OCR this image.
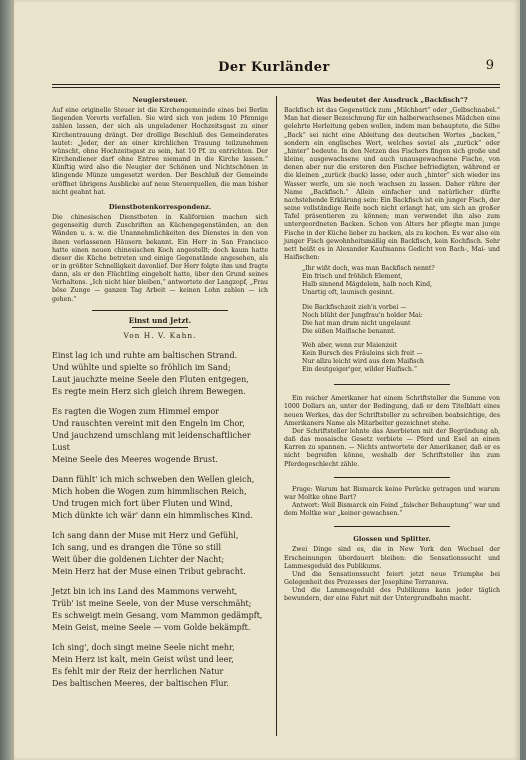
Der Kurländer	9

Neugiersteuer.

Auf eine originelle Steuer ist die Kirchengemeinde eines bei Berlin liegenden Vororts verfallen. Sie wird sich von jedem 10 Pfennige zahlen lassen, der sich als ungeladener Hochzeitsgast zu einer Kirchentrauung drängt. Der drollige Beschluß des Gemeinderates lautet: „Jeder, der an einer kirchlichen Trauung teilzunehmen wünscht, ohne Hochzeitsgast zu sein, hat 10 Pf. zu entrichten. Der Kirchendiener darf ohne Entree niemand in die Kirche lassen.“ Künftig wird also die Neugier der Schönen und Nichtschönen in klingende Münze umgesetzt werden. Der Beschluß der Gemeinde eröffnet übrigens Ausblicke auf neue Steuerquellen, die man bisher nicht geahnt hat.

Dienstbotenkorrespondenz.

Die chinesischen Dienstboten in Kalifornien machen sich gegenseitig durch Zuschriften an Küchengegenständen, an den Wänden u. s. w. die Unannehmlichkeiten des Dienstes in den von ihnen verlassenen Häusern bekannt. Ein Herr in San Francisco hatte einen neuen chinesischen Koch angestellt; doch kaum hatte dieser die Küche betreten und einige Gegenstände angesehen, als er in größter Schnelligkeit davonlief. Der Herr folgte ihm und fragte dann, als er den Flüchtling eingeholt hatte, über den Grund seines Verhaltens. „Ich nicht hier bleiben,“ antwortete der Langzopf, „Frau böse Zunge — ganzen Tag Arbeit — keinen Lohn zahlen — ich gehen.“

Einst und Jetzt.

Von H. V. Kahn.

Einst lag ich und ruhte am baltischen Strand.

Und wühlte und spielte so fröhlich im Sand;

Laut jauchzte meine Seele den Fluten entgegen,

Es regte mein Herz sich gleich ihrem Bewegen.

Es ragten die Wogen zum Himmel empor

Und rauschten vereint mit den Engeln im Chor,

Und jauchzend umschlang mit leidenschaftlicher Lust

Meine Seele des Meeres wogende Brust.

Dann fühlt' ich mich schweben den Wellen gleich,

Mich hoben die Wogen zum himmlischen Reich,

Und trugen mich fort über Fluten und Wind,

Mich dünkte ich wär' dann ein himmlisches Kind.

Ich sang dann der Muse mit Herz und Gefühl,

Ich sang, und es drangen die Töne so still

Weit über die goldenen Lichter der Nacht;

Mein Herz hat der Muse einen Tribut gebracht.

Jetzt bin ich ins Land des Mammons verweht,

Trüb' ist meine Seele, von der Muse verschmäht;

Es schweigt mein Gesang, vom Mammon gedämpft,

Mein Geist, meine Seele — vom Golde bekämpft.

Ich sing', doch singt meine Seele nicht mehr,

Mein Herz ist kalt, mein Geist wüst und leer,

Es fehlt mir der Reiz der herrlichen Natur

Des baltischen Meeres, der baltischen Flur.

Was bedeutet der Ausdruck „Backfisch“?

Backfisch ist das Gegenstück zum „Milchbart“ oder „Gelbschnabel.“ Man hat dieser Bezeichnung für ein halberwachsenes Mädchen eine gelehrte Herleitung geben wollen, indem man behauptete, die Silbe „Back“ sei nicht eine Ableitung des deutschen Wortes „backen,“ sondern ein englisches Wort, welches soviel als „zurück“ oder „hinter“ bedeute. In den Netzen des Fischers fingen sich große und kleine, ausgewachsene und auch unausgewachsene Fische, von denen aber nur die ersteren den Fischer befriedigten, während er die kleinen „zurück (back) lasse, oder auch „hinter“ sich wieder ins Wasser werfe, um sie noch wachsen zu lassen. Daher rühre der Name „Backfisch.“ Allein einfacher und natürlicher dürfte nachstehende Erklärung sein: Ein Backfisch ist ein junger Fisch, der seine vollständige Reife noch nicht erlangt hat, um sich an großer Tafel präsentieren zu können; man verwendet ihn also zum untergeordneten Backen. Schon von Alters her pflegte man junge Fische in der Küche lieber zu backen, als zu kochen. Es war also ein junger Fisch gewohnheitsmäßig ein Backfisch, kein Kochfisch. Sehr nett heißt es in Alexander Kaufmanns Gedicht von Bach-, Mai- und Haifischen:

„Ihr wißt doch, was man Backfisch nennt?

Ein frisch und fröhlich Element,

Halb sinnend Mägdelein, halb noch Kind,

Unartig oft, launisch gesinnt.

Die Backfischzeit zieh'n vorbei —

Noch blüht der Jungfrau'n holder Mai:

Die hat man drum nicht ungelaunt

Die süßen Maifische benannt.

Weh aber, wenn zur Maienzeit

Kein Bursch des Fräuleins sich freit —

Nur allzu leicht wird aus dem Maifisch

Ein deutgeiger'ger, wilder Haifisch.“

Ein reicher Amerikaner hat einem Schriftsteller die Summe von 1000 Dollars an, unter der Bedingung, daß er dem Titelblatt eines neuen Werkes, das der Schriftsteller zu schreiben beabsichtige, des Amerikaners Name als Mitarbeiter gezeichnet stehe.

Der Schriftsteller lehnte das Anerbieten mit der Begründung ab, daß das mosaische Gesetz verbiete — Pferd und Esel an einen Karren zu spannen. — Nichts antwortete der Amerikaner, daß er es nicht begreifen könne, weshalb der Schriftsteller ihn zum Pferdegeschlecht zähle.

Frage: Warum hat Bismarck keine Perücke getragen und warum war Moltke ohne Bart?

Antwort: Weil Bismarck ein Feind „falscher Behauptung“ war und dem Moltke war „keiner gewachsen.“

Glossen und Splitter.

Zwei Dinge sind es, die in New York den Wechsel der Erscheinungen überdauert bleiben: die Sensationssucht und Lammesgeduld des Publikums.

Und die Sensationssucht feiert jetzt neue Triumphe bei Gelegenheit des Prozesses der Josephine Terranova.

Und die Lammesgeduld des Publikums kann jeder täglich bewundern, der eine Fahrt mit der Untergrundbahn macht.
